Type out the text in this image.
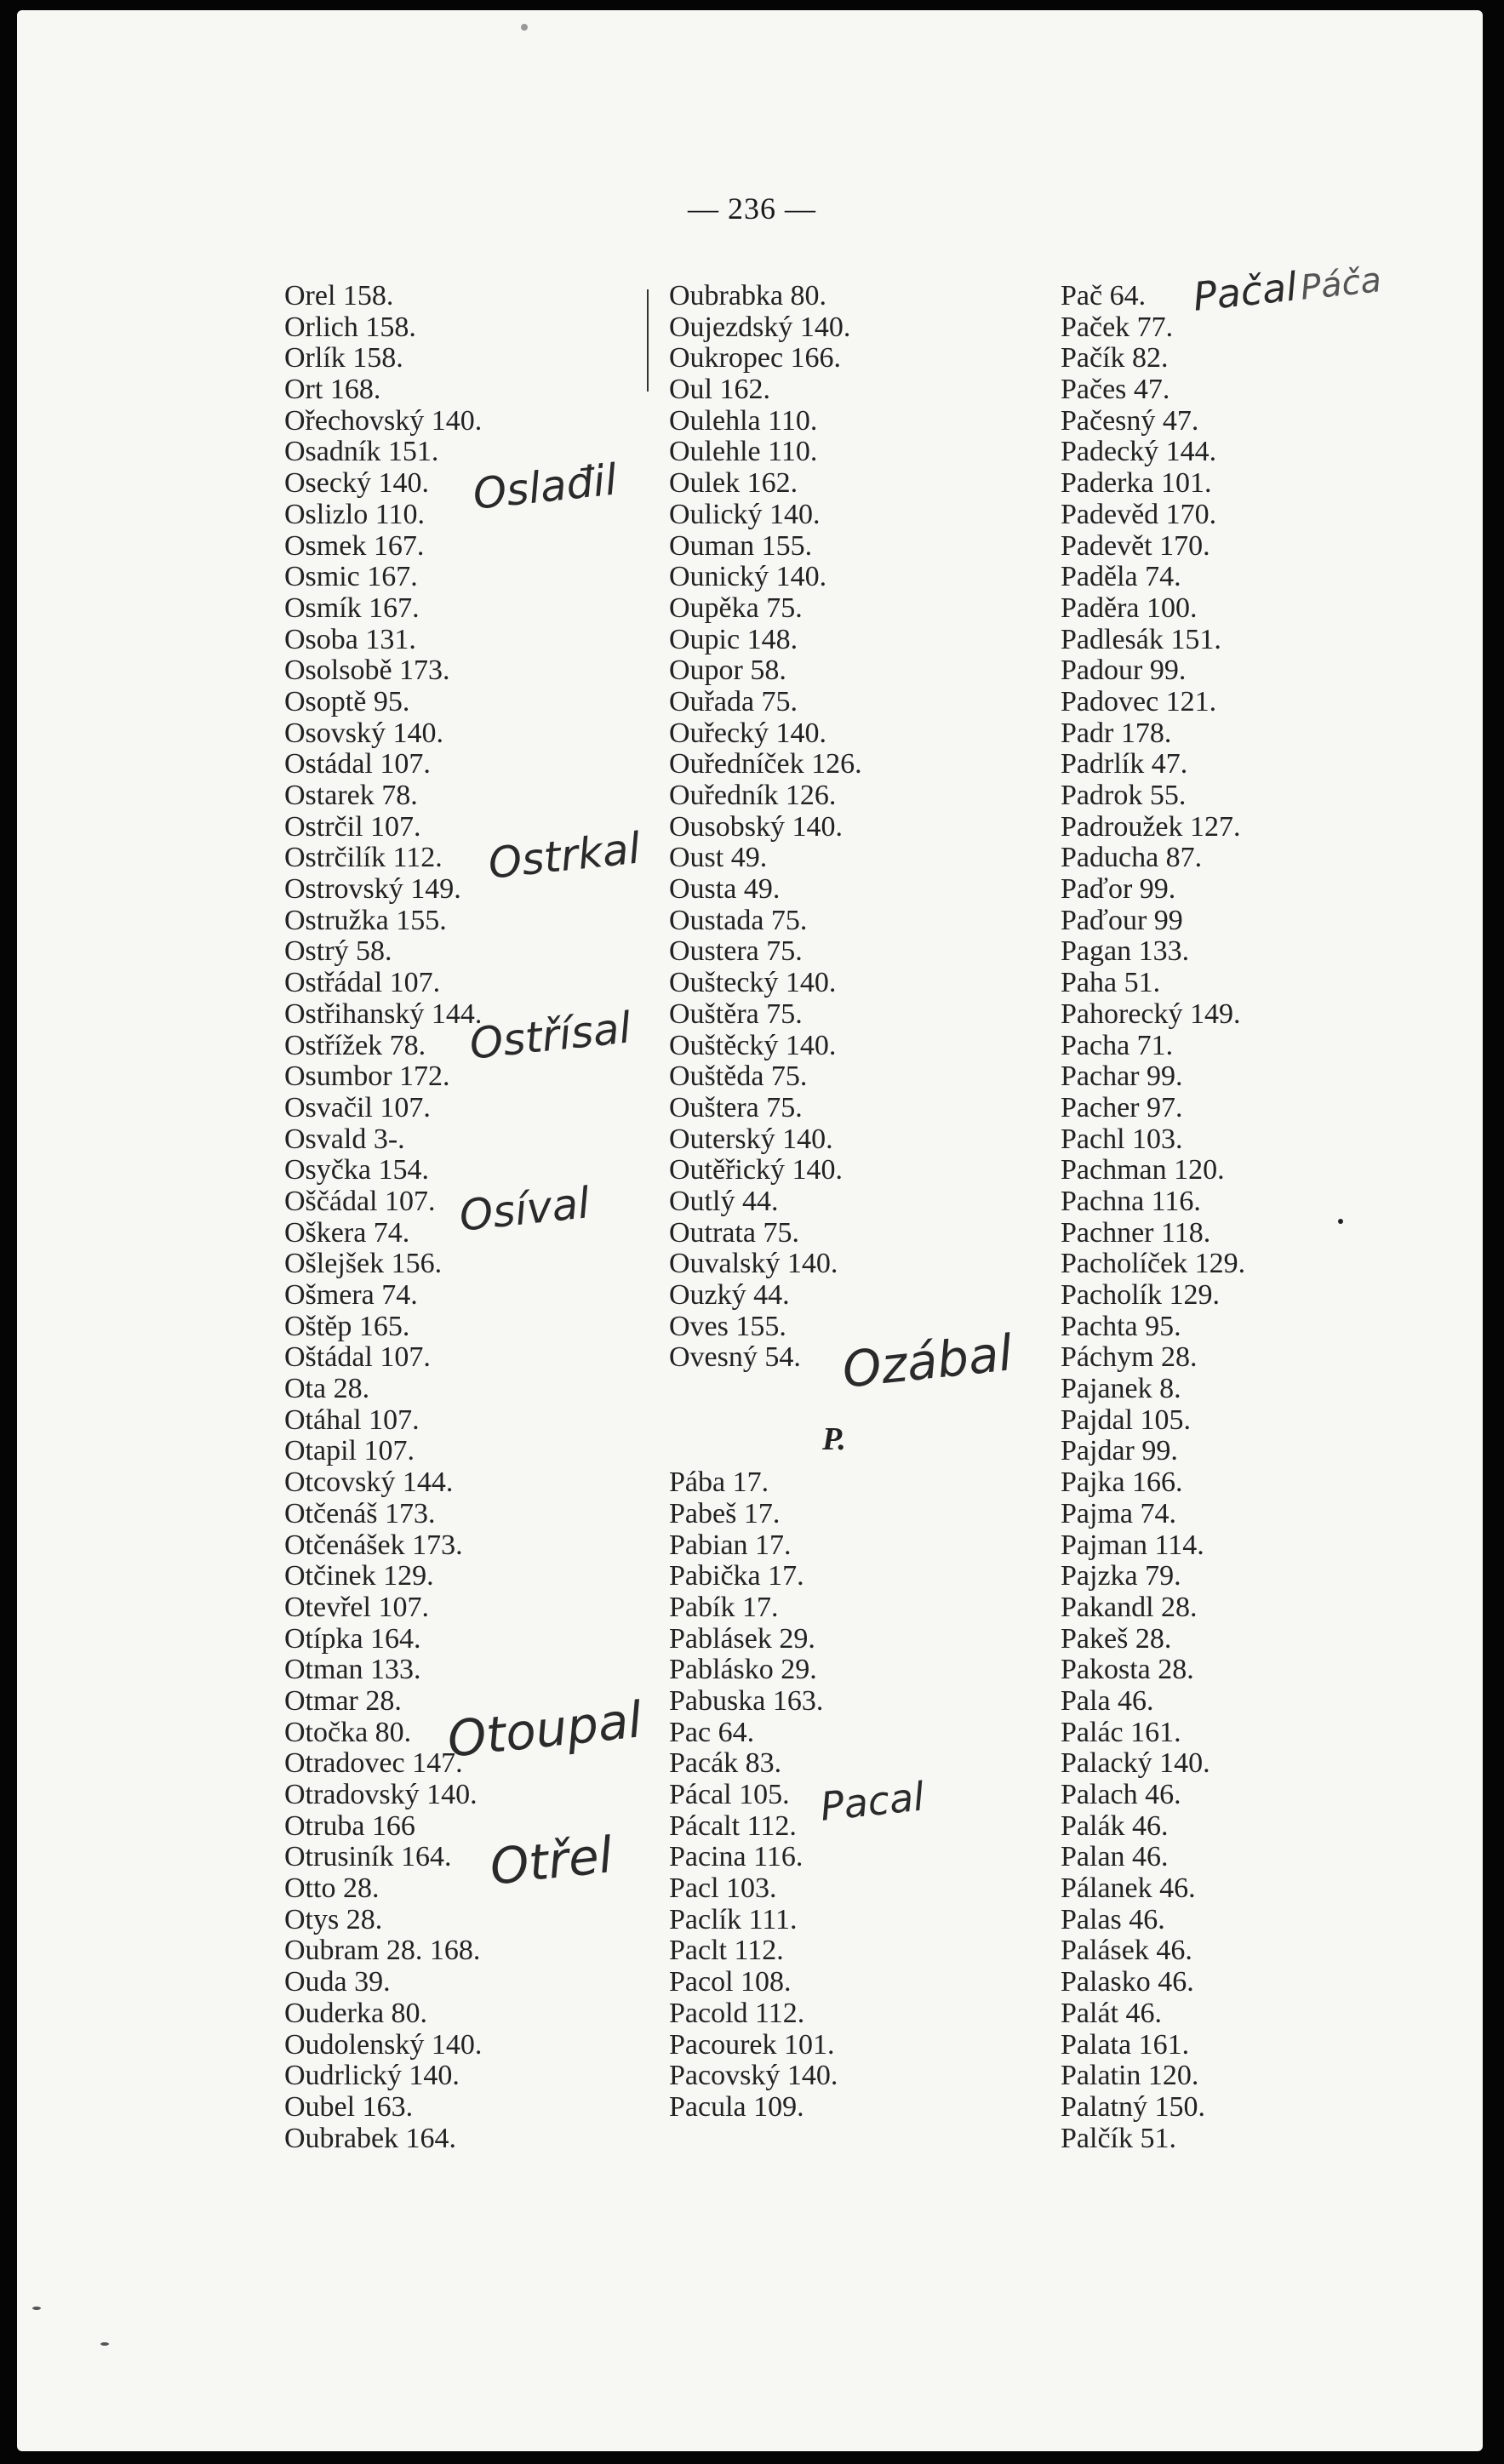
— 236 —
Orel 158.
Orlich 158.
Orlík 158.
Ort 168.
Ořechovský 140.
Osadník 151.
Osecký 140.
Oslizlo 110.
Osmek 167.
Osmic 167.
Osmík 167.
Osoba 131.
Osolsobě 173.
Osoptě 95.
Osovský 140.
Ostádal 107.
Ostarek 78.
Ostrčil 107.
Ostrčilík 112.
Ostrovský 149.
Ostružka 155.
Ostrý 58.
Ostřádal 107.
Ostřihanský 144.
Ostřížek 78.
Osumbor 172.
Osvačil 107.
Osvald 3-.
Osyčka 154.
Oščádal 107.
Oškera 74.
Ošlejšek 156.
Ošmera 74.
Oštěp 165.
Oštádal 107.
Ota 28.
Otáhal 107.
Otapil 107.
Otcovský 144.
Otčenáš 173.
Otčenášek 173.
Otčinek 129.
Otevřel 107.
Otípka 164.
Otman 133.
Otmar 28.
Otočka 80.
Otradovec 147.
Otradovský 140.
Otruba 166
Otrusiník 164.
Otto 28.
Otys 28.
Oubram 28. 168.
Ouda 39.
Ouderka 80.
Oudolenský 140.
Oudrlický 140.
Oubel 163.
Oubrabek 164.
Oubrabka 80.
Oujezdský 140.
Oukropec 166.
Oul 162.
Oulehla 110.
Oulehle 110.
Oulek 162.
Oulický 140.
Ouman 155.
Ounický 140.
Oupěka 75.
Oupic 148.
Oupor 58.
Ouřada 75.
Ouřecký 140.
Ouředníček 126.
Ouředník 126.
Ousobský 140.
Oust 49.
Ousta 49.
Oustada 75.
Oustera 75.
Ouštecký 140.
Ouštěra 75.
Ouštěcký 140.
Ouštěda 75.
Ouštera 75.
Outerský 140.
Outěřický 140.
Outlý 44.
Outrata 75.
Ouvalský 140.
Ouzký 44.
Oves 155.
Ovesný 54.
P.
Pába 17.
Pabeš 17.
Pabian 17.
Pabička 17.
Pabík 17.
Pablásek 29.
Pablásko 29.
Pabuska 163.
Pac 64.
Pacák 83.
Pácal 105.
Pácalt 112.
Pacina 116.
Pacl 103.
Paclík 111.
Paclt 112.
Pacol 108.
Pacold 112.
Pacourek 101.
Pacovský 140.
Pacula 109.
Pač 64.
Paček 77.
Pačík 82.
Pačes 47.
Pačesný 47.
Padecký 144.
Paderka 101.
Padevěd 170.
Padevět 170.
Paděla 74.
Paděra 100.
Padlesák 151.
Padour 99.
Padovec 121.
Padr 178.
Padrlík 47.
Padrok 55.
Padroužek 127.
Paducha 87.
Paďor 99.
Paďour 99
Pagan 133.
Paha 51.
Pahorecký 149.
Pacha 71.
Pachar 99.
Pacher 97.
Pachl 103.
Pachman 120.
Pachna 116.
Pachner 118.
Pacholíček 129.
Pacholík 129.
Pachta 95.
Páchym 28.
Pajanek 8.
Pajdal 105.
Pajdar 99.
Pajka 166.
Pajma 74.
Pajman 114.
Pajzka 79.
Pakandl 28.
Pakeš 28.
Pakosta 28.
Pala 46.
Palác 161.
Palacký 140.
Palach 46.
Palák 46.
Palan 46.
Pálanek 46.
Palas 46.
Palásek 46.
Palasko 46.
Palát 46.
Palata 161.
Palatin 120.
Palatný 150.
Palčík 51.
Oslađil
Ostrkal
Ostřísal
Osíval
Otoupal
Otřel
Ozábal
Pacal
Pačal Páča
